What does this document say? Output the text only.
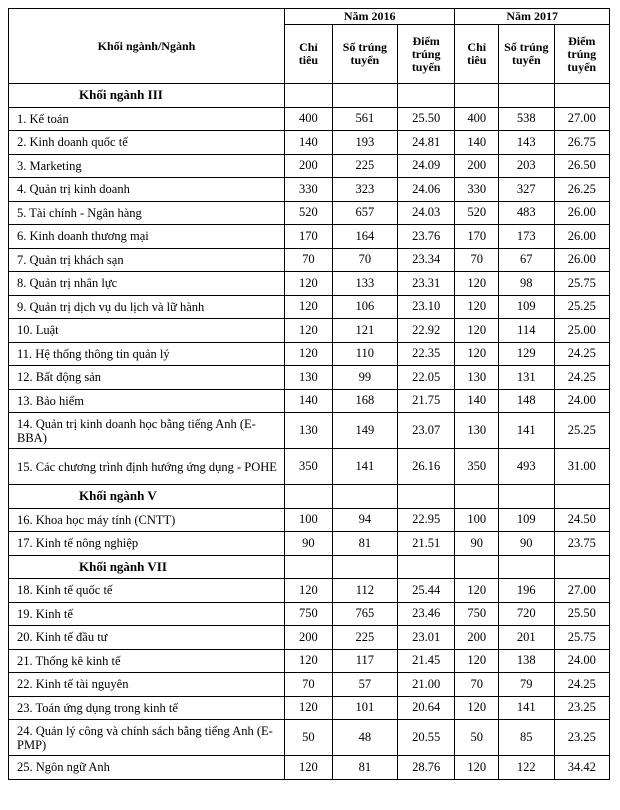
Khối ngành/Ngành	Năm 2016			Năm 2017		
	Chỉ tiêu	Số trúng tuyển	Điểm trúng tuyển	Chỉ tiêu	Số trúng tuyển	Điểm trúng tuyển
Khối ngành III						
1. Kế toán	400	561	25.50	400	538	27.00
2. Kinh doanh quốc tế	140	193	24.81	140	143	26.75
3. Marketing	200	225	24.09	200	203	26.50
4. Quản trị kinh doanh	330	323	24.06	330	327	26.25
5. Tài chính - Ngân hàng	520	657	24.03	520	483	26.00
6. Kinh doanh thương mại	170	164	23.76	170	173	26.00
7. Quản trị khách sạn	70	70	23.34	70	67	26.00
8. Quản trị nhân lực	120	133	23.31	120	98	25.75
9. Quản trị dịch vụ du lịch và lữ hành	120	106	23.10	120	109	25.25
10. Luật	120	121	22.92	120	114	25.00
11. Hệ thống thông tin quản lý	120	110	22.35	120	129	24.25
12. Bất động sản	130	99	22.05	130	131	24.25
13. Bảo hiểm	140	168	21.75	140	148	24.00
14. Quản trị kinh doanh học bằng tiếng Anh (E-BBA)	130	149	23.07	130	141	25.25
15. Các chương trình định hướng ứng dụng - POHE	350	141	26.16	350	493	31.00
Khối ngành V						
16. Khoa học máy tính (CNTT)	100	94	22.95	100	109	24.50
17. Kinh tế nông nghiệp	90	81	21.51	90	90	23.75
Khối ngành VII						
18. Kinh tế quốc tế	120	112	25.44	120	196	27.00
19. Kinh tế	750	765	23.46	750	720	25.50
20. Kinh tế đầu tư	200	225	23.01	200	201	25.75
21. Thống kê kinh tế	120	117	21.45	120	138	24.00
22. Kinh tế tài nguyên	70	57	21.00	70	79	24.25
23. Toán ứng dụng trong kinh tế	120	101	20.64	120	141	23.25
24. Quản lý công và chính sách bằng tiếng Anh (E-PMP)	50	48	20.55	50	85	23.25
25. Ngôn ngữ Anh	120	81	28.76	120	122	34.42
